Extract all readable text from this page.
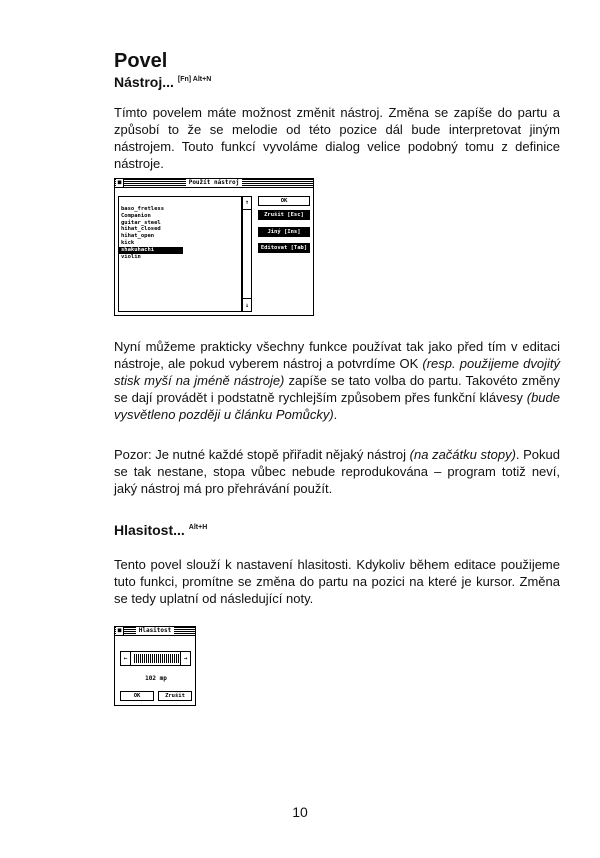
Povel
Nástroj... $^{[Fn] Alt+N}$
Tímto povelem máte možnost změnit nástroj. Změna se zapíše do partu a způsobí to že se melodie od této pozice dál bude interpretovat jiným nástrojem. Touto funkcí vyvoláme dialog velice podobný tomu z definice nástroje.
■	Použít nástroj
baso_fretless
Companion
guitar_steel
hihat_closed
hihat_open
kick
shakuhachi
violin
↑
↓
OK
Zrušit [Esc]
Jiný [Ins]
Editovat [Tab]
Nyní můžeme prakticky všechny funkce používat tak jako před tím v editaci nástroje, ale pokud vyberem nástroj a potvrdíme OK (resp. použijeme dvojitý stisk myší na jméně nástroje) zapíše se tato volba do partu. Takovéto změny se dají provádět i podstatně rychlejším způsobem přes funkční klávesy (bude vysvětleno později u článku Pomůcky).
Pozor: Je nutné každé stopě přiřadit nějaký nástroj (na začátku stopy). Pokud se tak nestane, stopa vůbec nebude reprodukována – program totiž neví, jaký nástroj má pro přehrávání použít.
Hlasitost... $^{Alt+H}$
Tento povel slouží k nastavení hlasitosti. Kdykoliv během editace použijeme tuto funkci, promítne se změna do partu na pozici na které je kursor. Změna se tedy uplatní od následující noty.
■	Hlasitost
←	→
102 mp
OK	Zrušit
10
